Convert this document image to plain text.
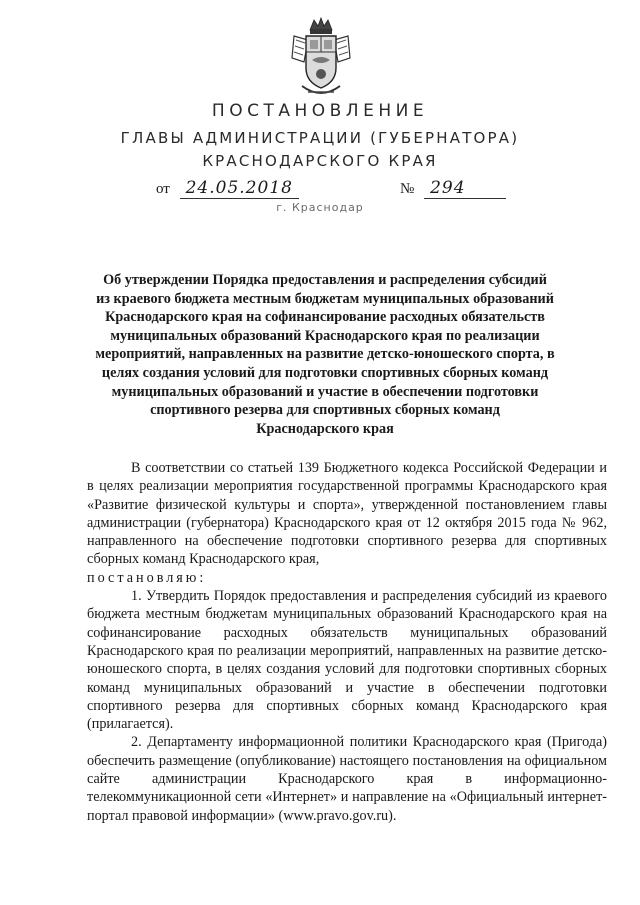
ПОСТАНОВЛЕНИЕ
ГЛАВЫ АДМИНИСТРАЦИИ (ГУБЕРНАТОРА)
КРАСНОДАРСКОГО КРАЯ
от 24.05.2018	№ 294
г. Краснодар
Об утверждении Порядка предоставления и распределения субсидий
из краевого бюджета местным бюджетам муниципальных образований
Краснодарского края на софинансирование расходных обязательств
муниципальных образований Краснодарского края по реализации
мероприятий, направленных на развитие детско-юношеского спорта, в
целях создания условий для подготовки спортивных сборных команд
муниципальных образований и участие в обеспечении подготовки
спортивного резерва для спортивных сборных команд
Краснодарского края

В соответствии со статьей 139 Бюджетного кодекса Российской Федерации и в целях реализации мероприятия государственной программы Краснодарского края «Развитие физической культуры и спорта», утвержденной постановлением главы администрации (губернатора) Краснодарского края от 12 октября 2015 года № 962, направленного на обеспечение подготовки спортивного резерва для спортивных сборных команд Краснодарского края,

постановляю:

1. Утвердить Порядок предоставления и распределения субсидий из краевого бюджета местным бюджетам муниципальных образований Краснодарского края на софинансирование расходных обязательств муниципальных образований Краснодарского края по реализации мероприятий, направленных на развитие детско-юношеского спорта, в целях создания условий для подготовки спортивных сборных команд муниципальных образований и участие в обеспечении подготовки спортивного резерва для спортивных сборных команд Краснодарского края (прилагается).

2. Департаменту информационной политики Краснодарского края (Пригода) обеспечить размещение (опубликование) настоящего постановления на официальном сайте администрации Краснодарского края в информационно-телекоммуникационной сети «Интернет» и направление на «Официальный интернет-портал правовой информации» (www.pravo.gov.ru).
